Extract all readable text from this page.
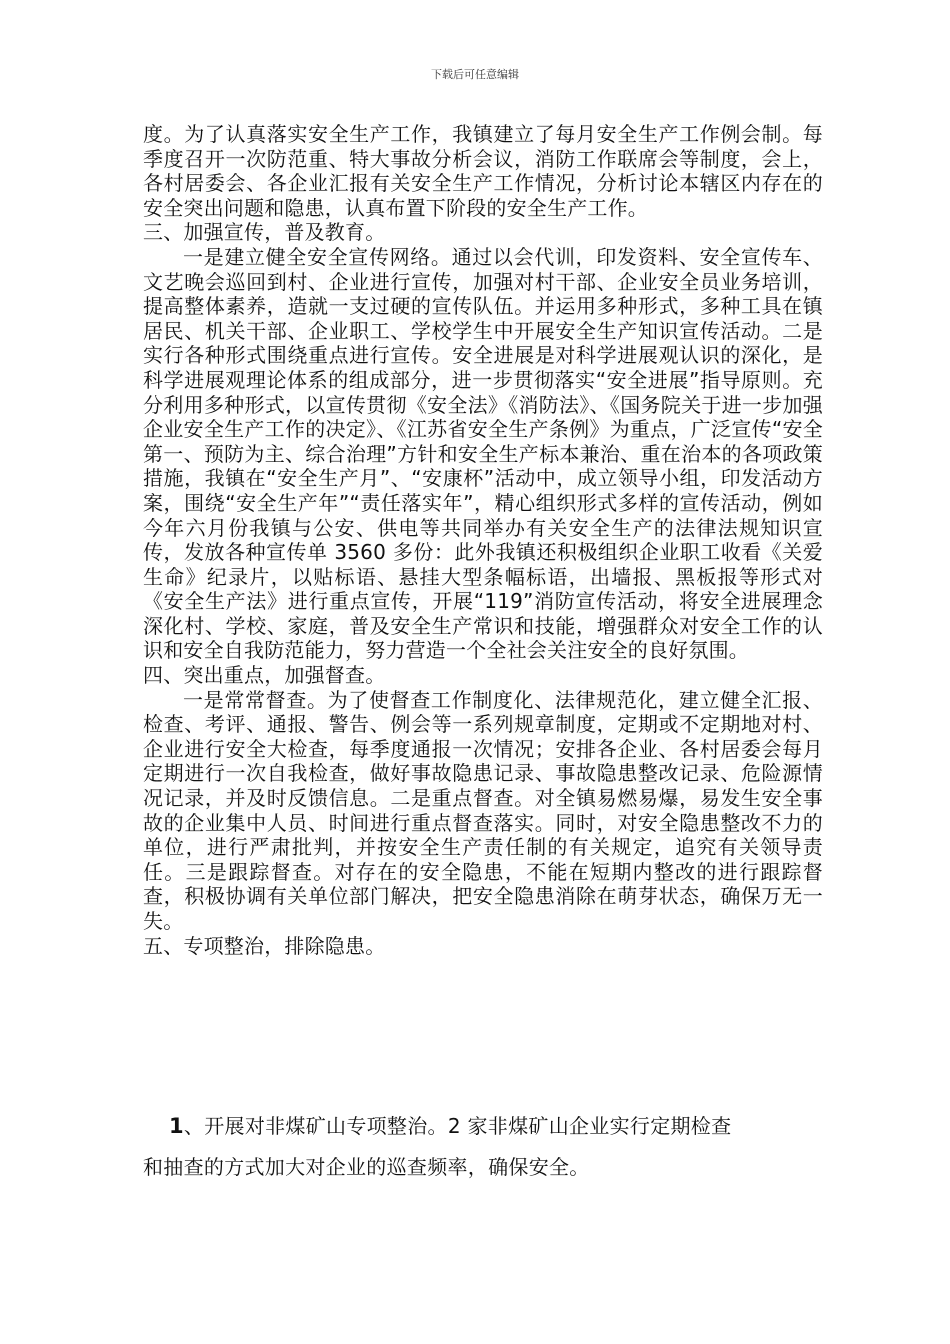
下载后可任意编辑

度。为了认真落实安全生产工作，我镇建立了每月安全生产工作例会制。每季度召开一次防范重、特大事故分析会议，消防工作联席会等制度，会上，各村居委会、各企业汇报有关安全生产工作情况，分析讨论本辖区内存在的安全突出问题和隐患，认真布置下阶段的安全生产工作。

三、加强宣传，普及教育。

一是建立健全安全宣传网络。通过以会代训，印发资料、安全宣传车、文艺晚会巡回到村、企业进行宣传，加强对村干部、企业安全员业务培训，提高整体素养，造就一支过硬的宣传队伍。并运用多种形式，多种工具在镇居民、机关干部、企业职工、学校学生中开展安全生产知识宣传活动。二是实行各种形式围绕重点进行宣传。安全进展是对科学进展观认识的深化，是科学进展观理论体系的组成部分，进一步贯彻落实“安全进展”指导原则。充分利用多种形式，以宣传贯彻《安全法》《消防法》、《国务院关于进一步加强企业安全生产工作的决定》、《江苏省安全生产条例》为重点，广泛宣传“安全第一、预防为主、综合治理”方针和安全生产标本兼治、重在治本的各项政策措施，我镇在“安全生产月”、“安康杯”活动中，成立领导小组，印发活动方案，围绕“安全生产年”“责任落实年”，精心组织形式多样的宣传活动，例如今年六月份我镇与公安、供电等共同举办有关安全生产的法律法规知识宣传，发放各种宣传单 3560 多份：此外我镇还积极组织企业职工收看《关爱生命》纪录片，以贴标语、悬挂大型条幅标语，出墙报、黑板报等形式对《安全生产法》进行重点宣传，开展“119”消防宣传活动，将安全进展理念深化村、学校、家庭，普及安全生产常识和技能，增强群众对安全工作的认识和安全自我防范能力，努力营造一个全社会关注安全的良好氛围。

四、突出重点，加强督查。

一是常常督查。为了使督查工作制度化、法律规范化，建立健全汇报、检查、考评、通报、警告、例会等一系列规章制度，定期或不定期地对村、企业进行安全大检查，每季度通报一次情况；安排各企业、各村居委会每月定期进行一次自我检查，做好事故隐患记录、事故隐患整改记录、危险源情况记录，并及时反馈信息。二是重点督查。对全镇易燃易爆，易发生安全事故的企业集中人员、时间进行重点督查落实。同时，对安全隐患整改不力的单位，进行严肃批判，并按安全生产责任制的有关规定，追究有关领导责任。三是跟踪督查。对存在的安全隐患，不能在短期内整改的进行跟踪督查，积极协调有关单位部门解决，把安全隐患消除在萌芽状态，确保万无一失。

五、专项整治，排除隐患。

1、开展对非煤矿山专项整治。2 家非煤矿山企业实行定期检查

和抽查的方式加大对企业的巡查频率，确保安全。
